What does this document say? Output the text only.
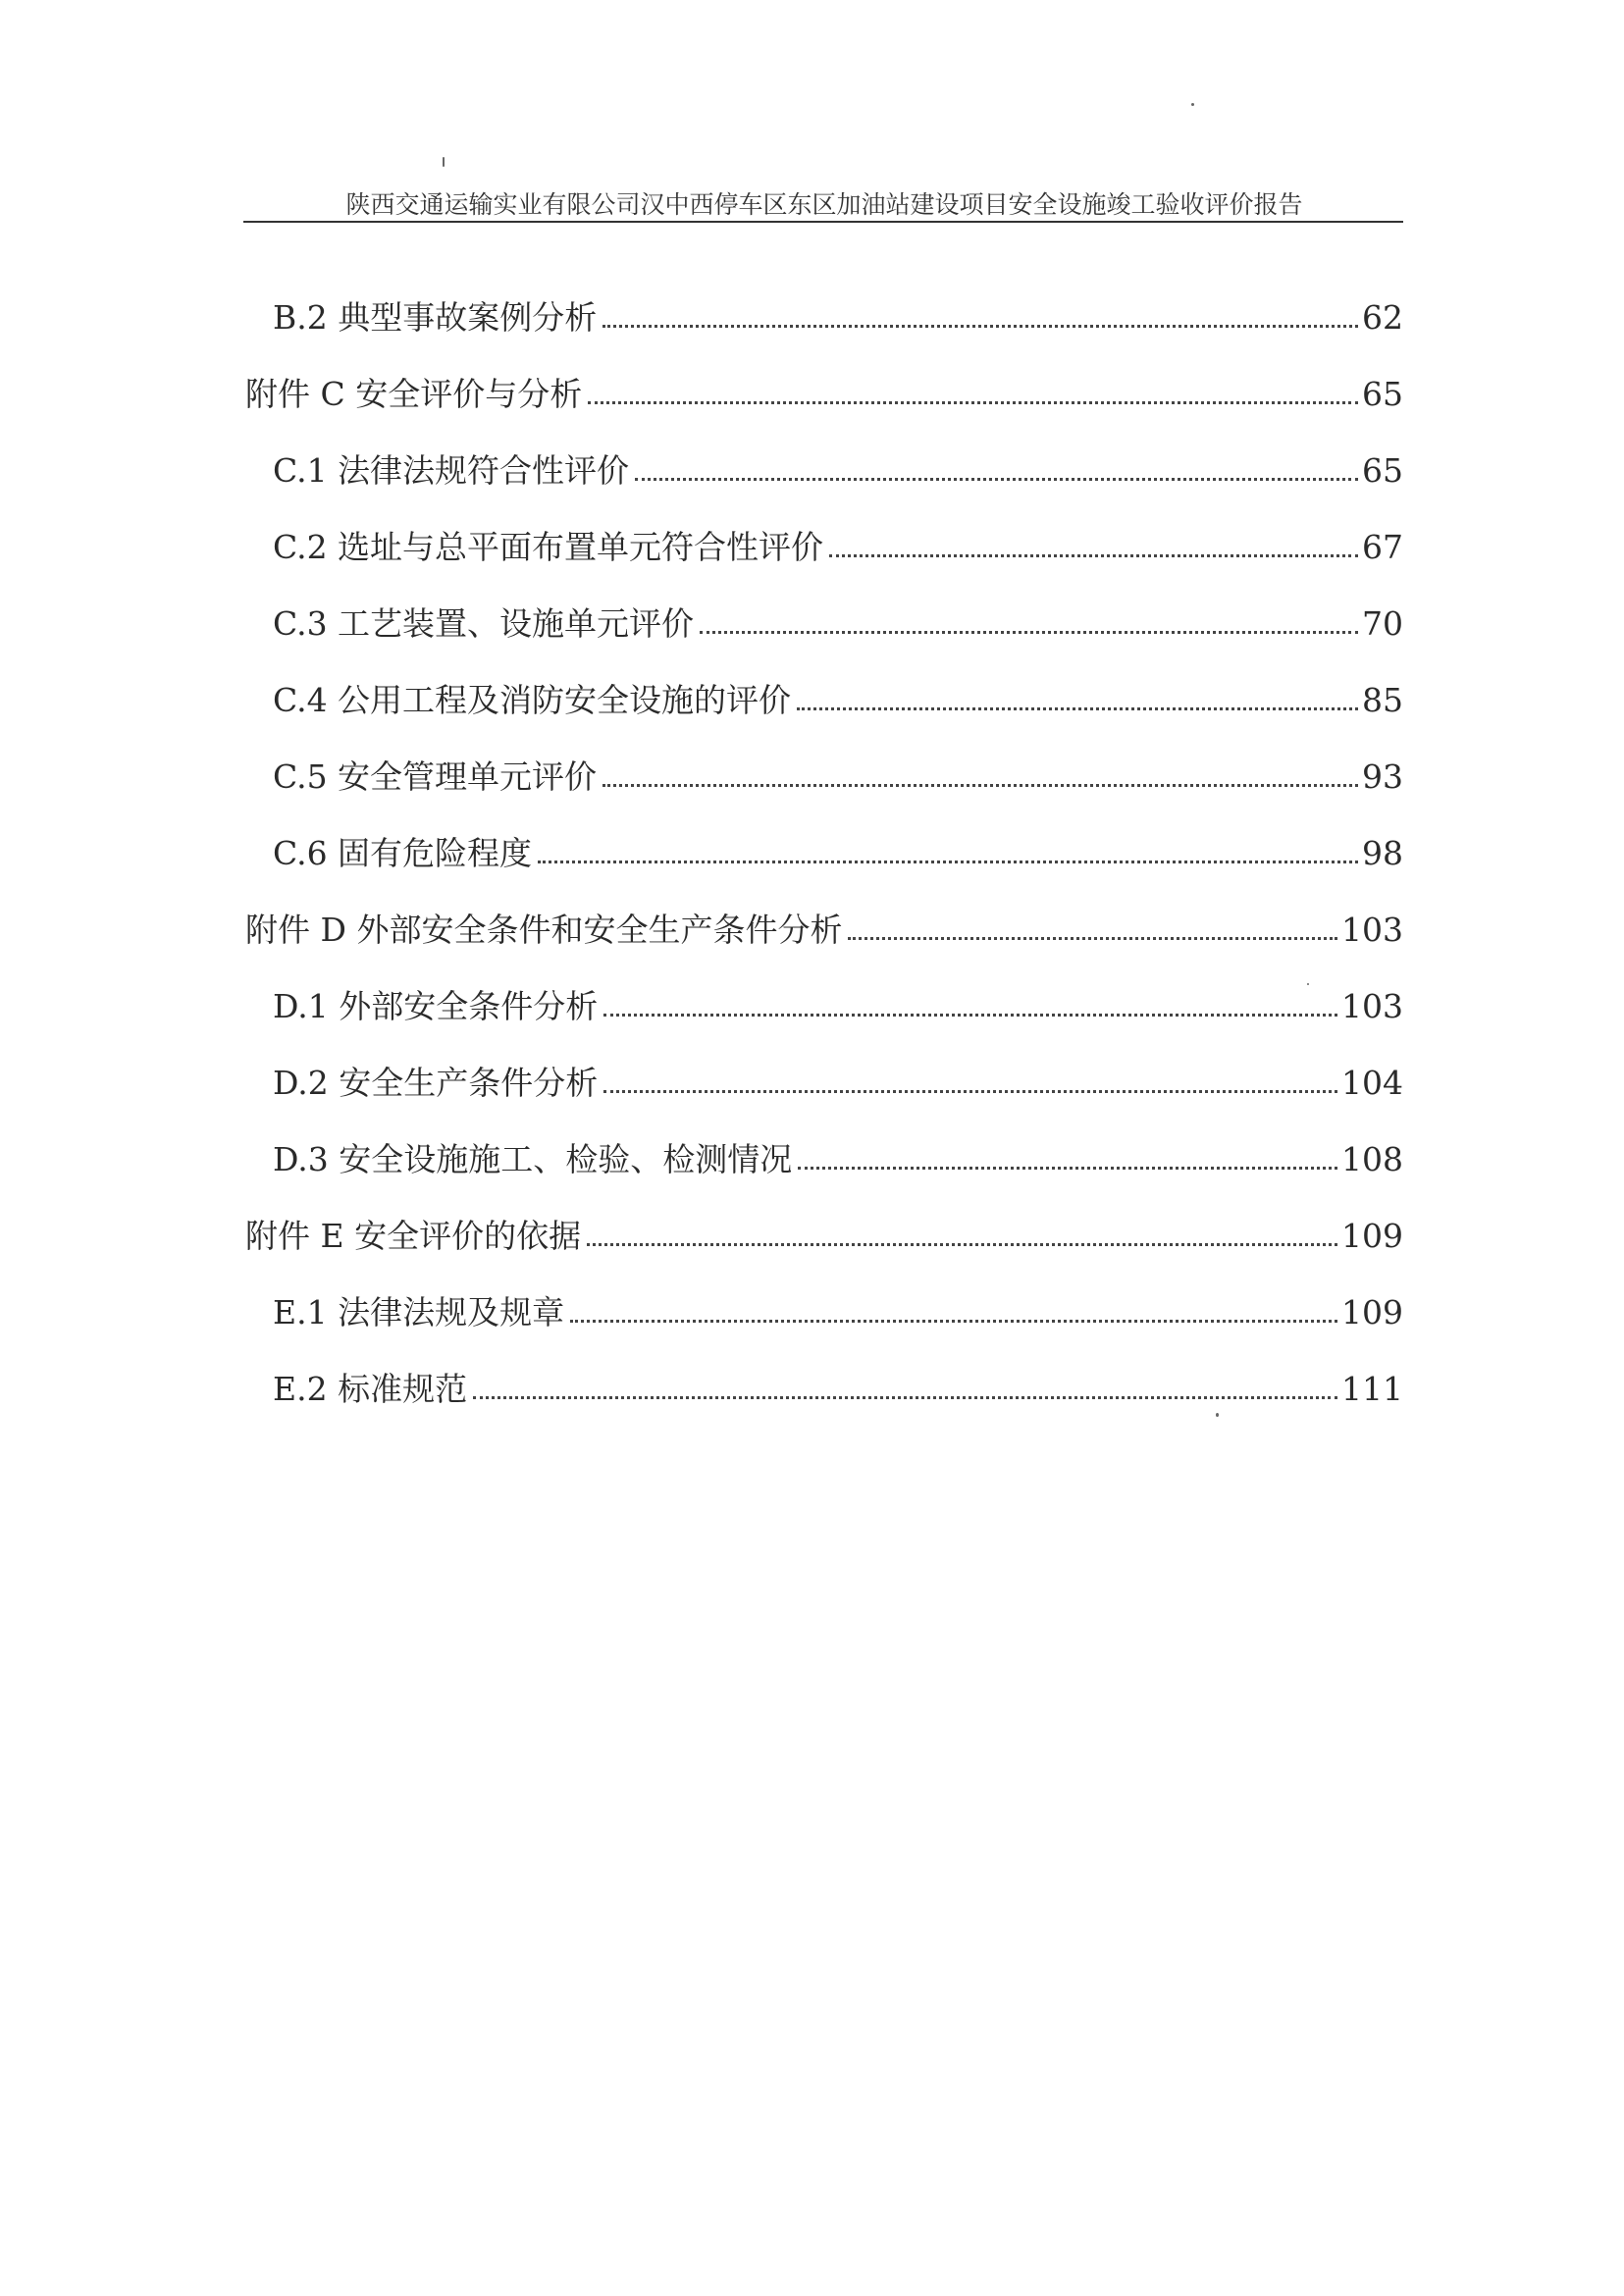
陕西交通运输实业有限公司汉中西停车区东区加油站建设项目安全设施竣工验收评价报告
B.2 典型事故案例分析	62
附件 C 安全评价与分析	65
C.1 法律法规符合性评价	65
C.2 选址与总平面布置单元符合性评价	67
C.3 工艺装置、设施单元评价	70
C.4 公用工程及消防安全设施的评价	85
C.5 安全管理单元评价	93
C.6 固有危险程度	98
附件 D 外部安全条件和安全生产条件分析	103
D.1 外部安全条件分析	103
D.2 安全生产条件分析	104
D.3 安全设施施工、检验、检测情况	108
附件 E 安全评价的依据	109
E.1 法律法规及规章	109
E.2 标准规范	111
